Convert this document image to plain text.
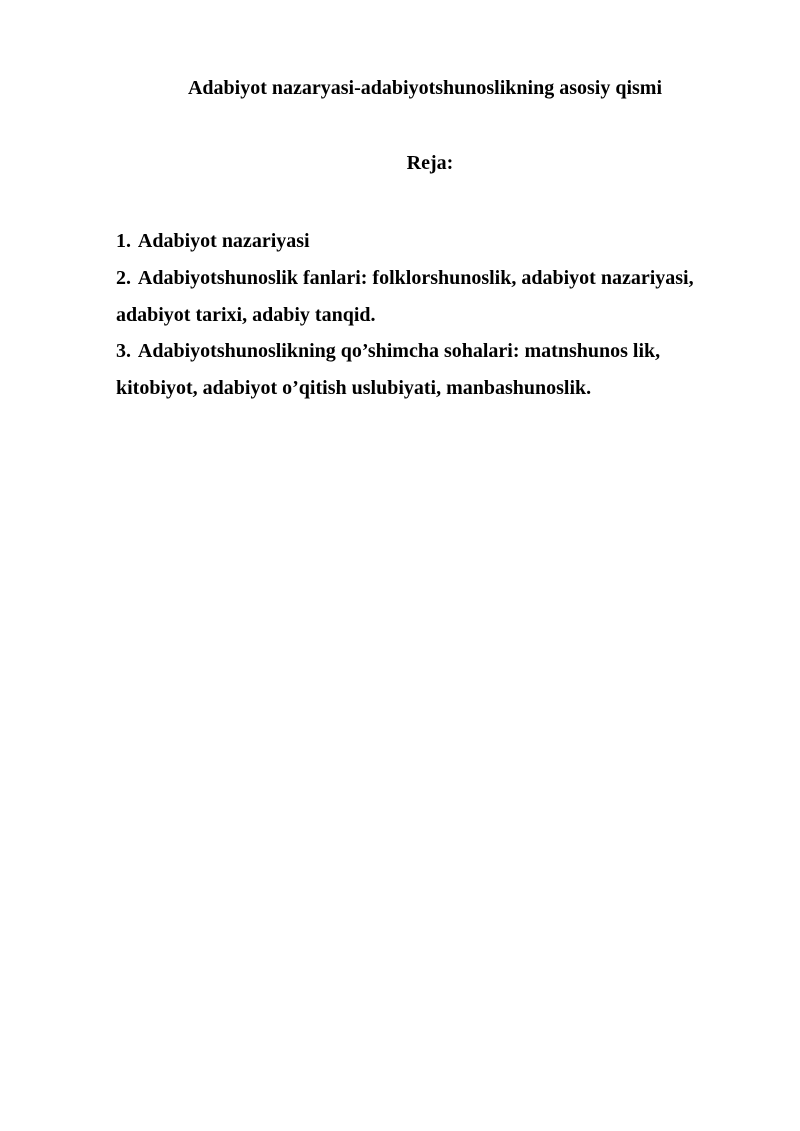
Adabiyot nazaryasi-adabiyotshunoslikning asosiy qismi
Reja:
1. Adabiyot nazariyasi
2. Adabiyotshunoslik fanlari: folklorshunoslik, adabiyot nazariyasi, adabiyot tarixi, adabiy tanqid.
3. Adabiyotshunoslikning qo’shimcha sohalari: matnshunos lik, kitobiyot, adabiyot o’qitish uslubiyati, manbashunoslik.
